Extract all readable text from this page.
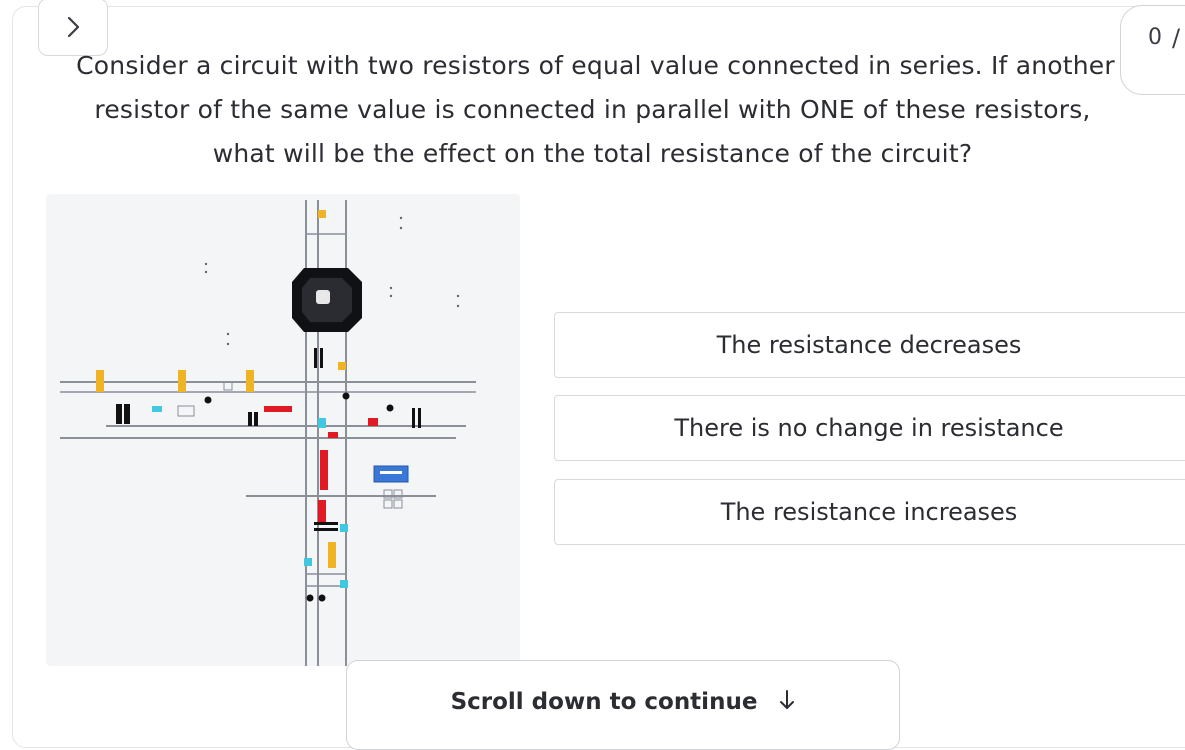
0 /
Consider a circuit with two resistors of equal value connected in series. If another
resistor of the same value is connected in parallel with ONE of these resistors,
what will be the effect on the total resistance of the circuit?
The resistance decreases
There is no change in resistance
The resistance increases
Scroll down to continue
